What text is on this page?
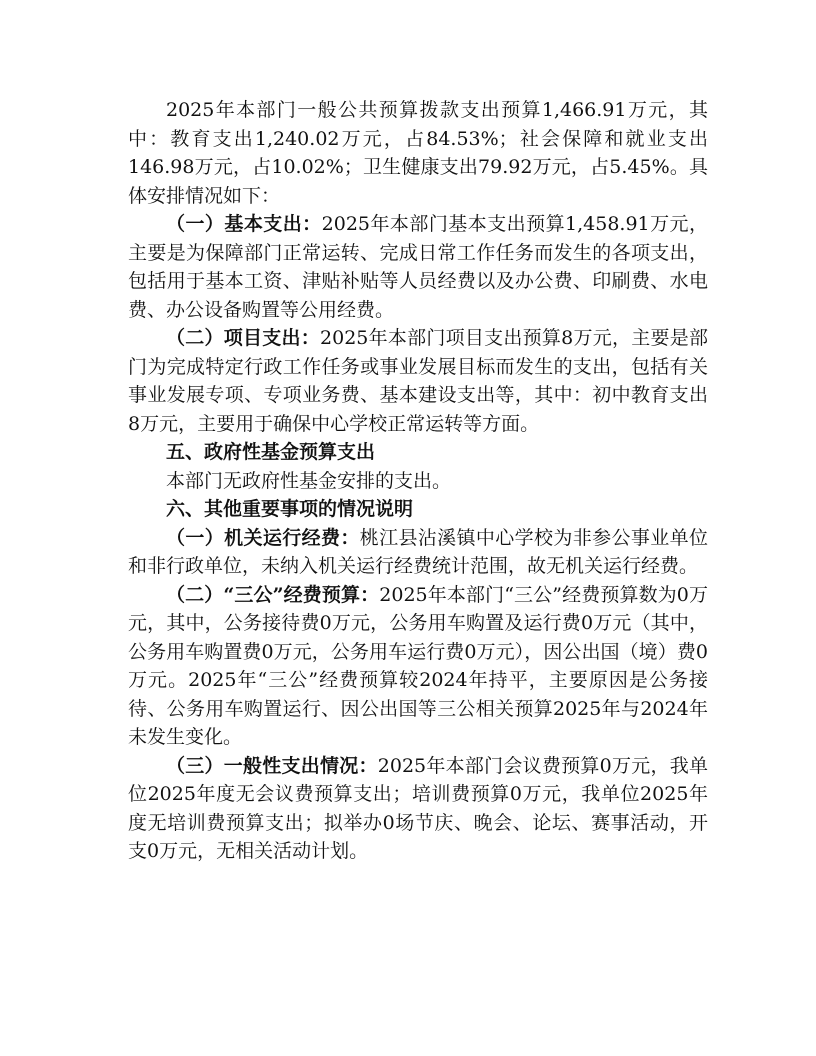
2025年本部门一般公共预算拨款支出预算1,466.91万元，其中：教育支出1,240.02万元，占84.53%；社会保障和就业支出146.98万元，占10.02%；卫生健康支出79.92万元，占5.45%。具体安排情况如下：

（一）基本支出：2025年本部门基本支出预算1,458.91万元，主要是为保障部门正常运转、完成日常工作任务而发生的各项支出，包括用于基本工资、津贴补贴等人员经费以及办公费、印刷费、水电费、办公设备购置等公用经费。

（二）项目支出：2025年本部门项目支出预算8万元，主要是部门为完成特定行政工作任务或事业发展目标而发生的支出，包括有关事业发展专项、专项业务费、基本建设支出等，其中：初中教育支出8万元，主要用于确保中心学校正常运转等方面。

五、政府性基金预算支出

本部门无政府性基金安排的支出。

六、其他重要事项的情况说明

（一）机关运行经费：桃江县沾溪镇中心学校为非参公事业单位和非行政单位，未纳入机关运行经费统计范围，故无机关运行经费。

（二）“三公”经费预算：2025年本部门“三公”经费预算数为0万元，其中，公务接待费0万元，公务用车购置及运行费0万元（其中，公务用车购置费0万元，公务用车运行费0万元），因公出国（境）费0万元。2025年“三公”经费预算较2024年持平，主要原因是公务接待、公务用车购置运行、因公出国等三公相关预算2025年与2024年未发生变化。

（三）一般性支出情况：2025年本部门会议费预算0万元，我单位2025年度无会议费预算支出；培训费预算0万元，我单位2025年度无培训费预算支出；拟举办0场节庆、晚会、论坛、赛事活动，开支0万元，无相关活动计划。
